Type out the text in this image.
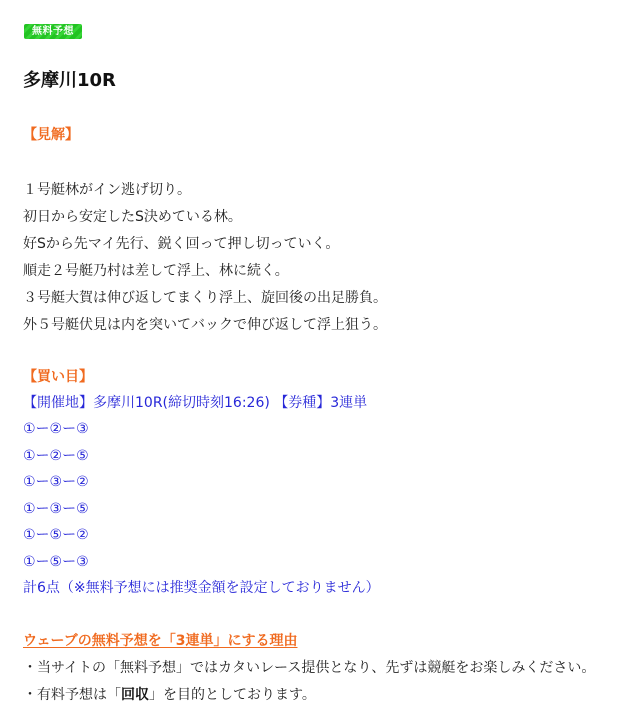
無料予想
多摩川10R
【見解】
１号艇林がイン逃げ切り。
初日から安定したS決めている林。
好Sから先マイ先行、鋭く回って押し切っていく。
順走２号艇乃村は差して浮上、林に続く。
３号艇大賀は伸び返してまくり浮上、旋回後の出足勝負。
外５号艇伏見は内を突いてバックで伸び返して浮上狙う。
【買い目】
【開催地】多摩川10R(締切時刻16:26) 【券種】3連単
①ー②ー③
①ー②ー⑤
①ー③ー②
①ー③ー⑤
①ー⑤ー②
①ー⑤ー③
計6点（※無料予想には推奨金額を設定しておりません）
ウェーブの無料予想を「3連単」にする理由
・当サイトの「無料予想」ではカタいレース提供となり、先ずは競艇をお楽しみください。
・有料予想は「回収」を目的としております。
